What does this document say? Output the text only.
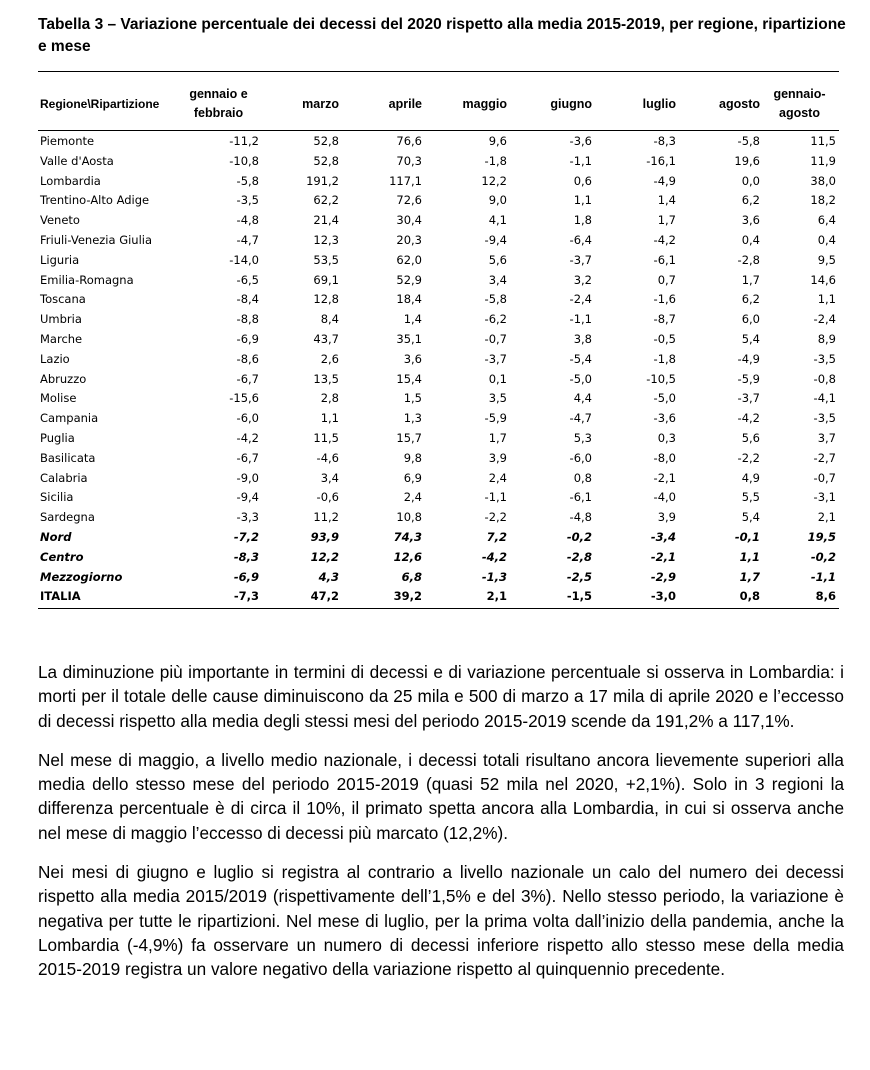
Tabella 3 – Variazione percentuale dei decessi del 2020 rispetto alla media 2015-2019, per regione, ripartizione e mese
Regione\Ripartizione	gennaio e febbraio	marzo	aprile	maggio	giugno	luglio	agosto	gennaio-agosto
Piemonte	-11,2	52,8	76,6	9,6	-3,6	-8,3	-5,8	11,5
Valle d'Aosta	-10,8	52,8	70,3	-1,8	-1,1	-16,1	19,6	11,9
Lombardia	-5,8	191,2	117,1	12,2	0,6	-4,9	0,0	38,0
Trentino-Alto Adige	-3,5	62,2	72,6	9,0	1,1	1,4	6,2	18,2
Veneto	-4,8	21,4	30,4	4,1	1,8	1,7	3,6	6,4
Friuli-Venezia Giulia	-4,7	12,3	20,3	-9,4	-6,4	-4,2	0,4	0,4
Liguria	-14,0	53,5	62,0	5,6	-3,7	-6,1	-2,8	9,5
Emilia-Romagna	-6,5	69,1	52,9	3,4	3,2	0,7	1,7	14,6
Toscana	-8,4	12,8	18,4	-5,8	-2,4	-1,6	6,2	1,1
Umbria	-8,8	8,4	1,4	-6,2	-1,1	-8,7	6,0	-2,4
Marche	-6,9	43,7	35,1	-0,7	3,8	-0,5	5,4	8,9
Lazio	-8,6	2,6	3,6	-3,7	-5,4	-1,8	-4,9	-3,5
Abruzzo	-6,7	13,5	15,4	0,1	-5,0	-10,5	-5,9	-0,8
Molise	-15,6	2,8	1,5	3,5	4,4	-5,0	-3,7	-4,1
Campania	-6,0	1,1	1,3	-5,9	-4,7	-3,6	-4,2	-3,5
Puglia	-4,2	11,5	15,7	1,7	5,3	0,3	5,6	3,7
Basilicata	-6,7	-4,6	9,8	3,9	-6,0	-8,0	-2,2	-2,7
Calabria	-9,0	3,4	6,9	2,4	0,8	-2,1	4,9	-0,7
Sicilia	-9,4	-0,6	2,4	-1,1	-6,1	-4,0	5,5	-3,1
Sardegna	-3,3	11,2	10,8	-2,2	-4,8	3,9	5,4	2,1
Nord	-7,2	93,9	74,3	7,2	-0,2	-3,4	-0,1	19,5
Centro	-8,3	12,2	12,6	-4,2	-2,8	-2,1	1,1	-0,2
Mezzogiorno	-6,9	4,3	6,8	-1,3	-2,5	-2,9	1,7	-1,1
ITALIA	-7,3	47,2	39,2	2,1	-1,5	-3,0	0,8	8,6

La diminuzione più importante in termini di decessi e di variazione percentuale si osserva in Lombardia: i morti per il totale delle cause diminuiscono da 25 mila e 500 di marzo a 17 mila di aprile 2020 e l’eccesso di decessi rispetto alla media degli stessi mesi del periodo 2015-2019 scende da 191,2% a 117,1%.

Nel mese di maggio, a livello medio nazionale, i decessi totali risultano ancora lievemente superiori alla media dello stesso mese del periodo 2015-2019 (quasi 52 mila nel 2020, +2,1%). Solo in 3 regioni la differenza percentuale è di circa il 10%, il primato spetta ancora alla Lombardia, in cui si osserva anche nel mese di maggio l’eccesso di decessi più marcato (12,2%).

Nei mesi di giugno e luglio si registra al contrario a livello nazionale un calo del numero dei decessi rispetto alla media 2015/2019 (rispettivamente dell’1,5% e del 3%). Nello stesso periodo, la variazione è negativa per tutte le ripartizioni. Nel mese di luglio, per la prima volta dall’inizio della pandemia, anche la Lombardia (-4,9%) fa osservare un numero di decessi inferiore rispetto allo stesso mese della media 2015-2019 registra un valore negativo della variazione rispetto al quinquennio precedente.
